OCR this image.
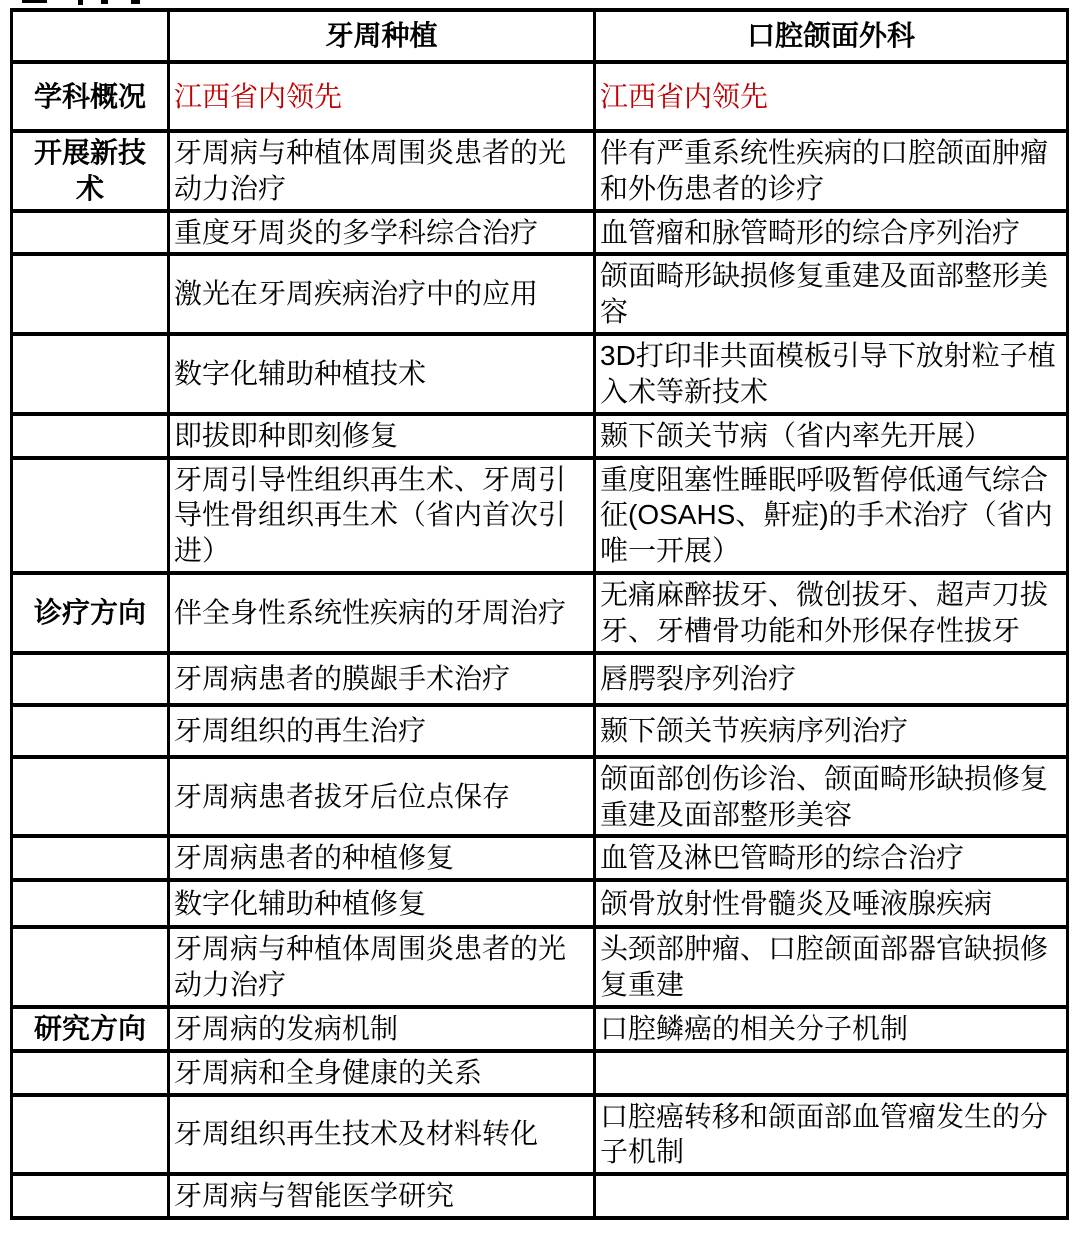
	牙周种植	口腔颌面外科
学科概况	江西省内领先	江西省内领先
开展新技术	牙周病与种植体周围炎患者的光动力治疗	伴有严重系统性疾病的口腔颌面肿瘤和外伤患者的诊疗
	重度牙周炎的多学科综合治疗	血管瘤和脉管畸形的综合序列治疗
	激光在牙周疾病治疗中的应用	颌面畸形缺损修复重建及面部整形美容
	数字化辅助种植技术	3D打印非共面模板引导下放射粒子植入术等新技术
	即拔即种即刻修复	颞下颌关节病（省内率先开展）
	牙周引导性组织再生术、牙周引导性骨组织再生术（省内首次引进）	重度阻塞性睡眠呼吸暂停低通气综合征(OSAHS、鼾症)的手术治疗（省内唯一开展）
诊疗方向	伴全身性系统性疾病的牙周治疗	无痛麻醉拔牙、微创拔牙、超声刀拔牙、牙槽骨功能和外形保存性拔牙
	牙周病患者的膜龈手术治疗	唇腭裂序列治疗
	牙周组织的再生治疗	颞下颌关节疾病序列治疗
	牙周病患者拔牙后位点保存	颌面部创伤诊治、颌面畸形缺损修复重建及面部整形美容
	牙周病患者的种植修复	血管及淋巴管畸形的综合治疗
	数字化辅助种植修复	颌骨放射性骨髓炎及唾液腺疾病
	牙周病与种植体周围炎患者的光动力治疗	头颈部肿瘤、口腔颌面部器官缺损修复重建
研究方向	牙周病的发病机制	口腔鳞癌的相关分子机制
	牙周病和全身健康的关系	
	牙周组织再生技术及材料转化	口腔癌转移和颌面部血管瘤发生的分子机制
	牙周病与智能医学研究	
